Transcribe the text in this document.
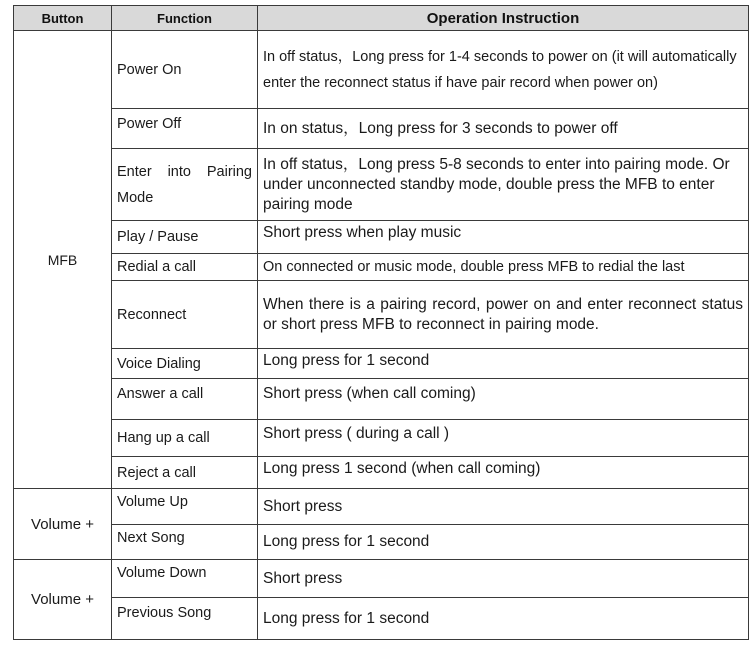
Button	Function	Operation Instruction
MFB	Power On	In off status，Long press for 1-4 seconds to power on (it will automatically enter the reconnect status if have pair record when power on)
	Power Off	In on status，Long press for 3 seconds to power off
	Enter into Pairing Mode	In off status，Long press 5-8 seconds to enter into pairing mode. Or under unconnected standby mode, double press the MFB to enter pairing mode
	Play / Pause	Short press when play music
	Redial a call	On connected or music mode, double press MFB to redial the last
	Reconnect	When there is a pairing record, power on and enter reconnect status or short press MFB to reconnect in pairing mode.
	Voice Dialing	Long press for 1 second
	Answer a call	Short press (when call coming)
	Hang up a call	Short press ( during a call )
	Reject a call	Long press 1 second (when call coming)
Volume +	Volume Up	Short press
	Next Song	Long press for 1 second
Volume +	Volume Down	Short press
	Previous Song	Long press for 1 second
